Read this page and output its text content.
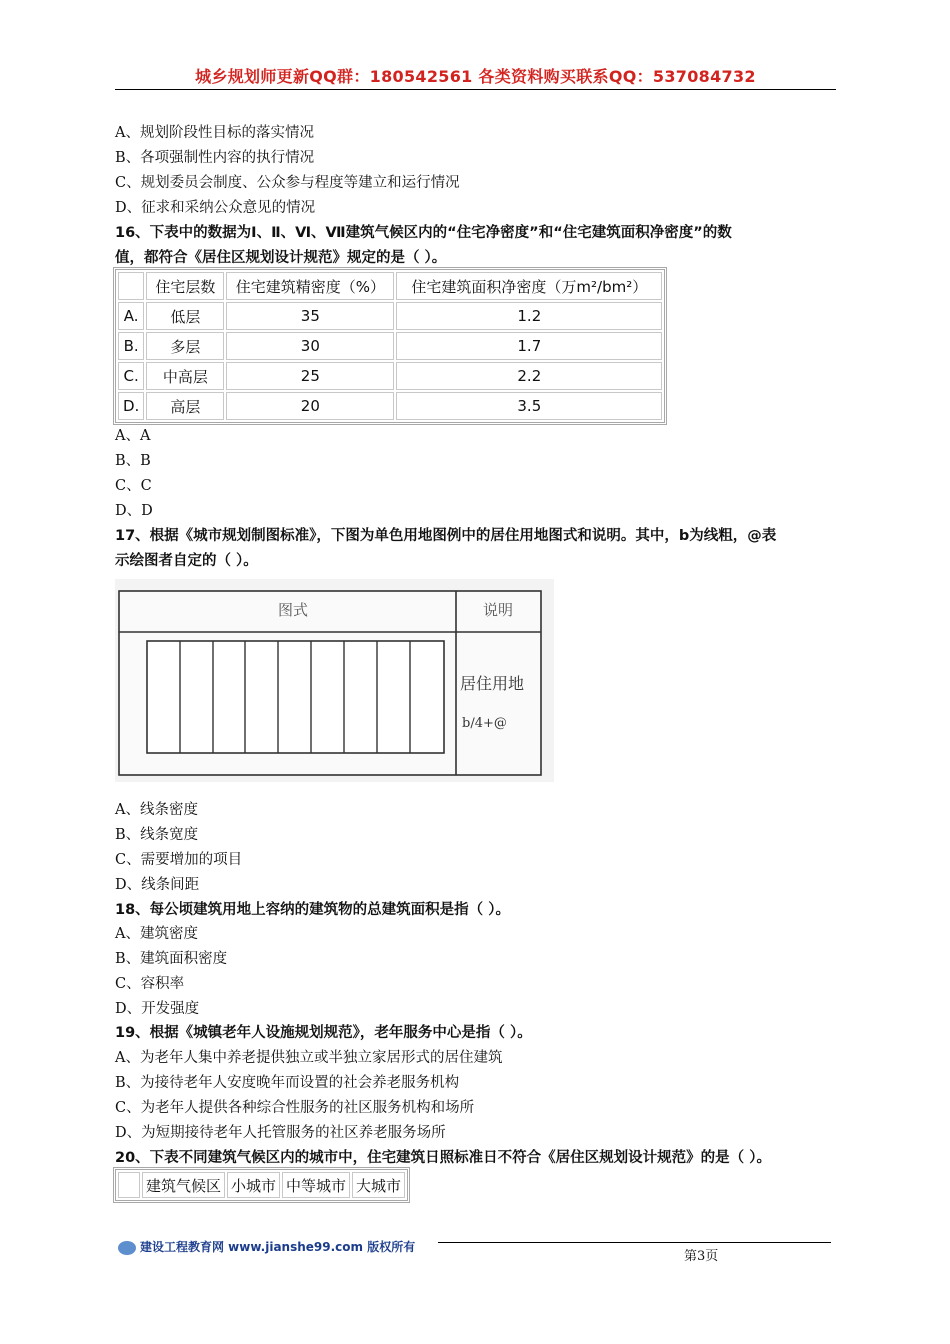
城乡规划师更新QQ群：180542561 各类资料购买联系QQ：537084732
A、规划阶段性目标的落实情况
B、各项强制性内容的执行情况
C、规划委员会制度、公众参与程度等建立和运行情况
D、征求和采纳公众意见的情况
16、下表中的数据为Ⅰ、Ⅱ、Ⅵ、Ⅶ建筑气候区内的“住宅净密度”和“住宅建筑面积净密度”的数
值，都符合《居住区规划设计规范》规定的是（ ）。
	住宅层数	住宅建筑精密度（%）	住宅建筑面积净密度（万m²/bm²）
A.	低层	35	1.2
B.	多层	30	1.7
C.	中高层	25	2.2
D.	高层	20	3.5
A、A
B、B
C、C
D、D
17、根据《城市规划制图标准》，下图为单色用地图例中的居住用地图式和说明。其中，b为线粗，@表
示绘图者自定的（ ）。
图式	说明
居住用地
b/4+@
A、线条密度
B、线条宽度
C、需要增加的项目
D、线条间距
18、每公顷建筑用地上容纳的建筑物的总建筑面积是指（ ）。
A、建筑密度
B、建筑面积密度
C、容积率
D、开发强度
19、根据《城镇老年人设施规划规范》，老年服务中心是指（ ）。
A、为老年人集中养老提供独立或半独立家居形式的居住建筑
B、为接待老年人安度晚年而设置的社会养老服务机构
C、为老年人提供各种综合性服务的社区服务机构和场所
D、为短期接待老年人托管服务的社区养老服务场所
20、下表不同建筑气候区内的城市中，住宅建筑日照标准日不符合《居住区规划设计规范》的是（ ）。
	建筑气候区	小城市	中等城市	大城市
建设工程教育网 www.jianshe99.com 版权所有
第3页
